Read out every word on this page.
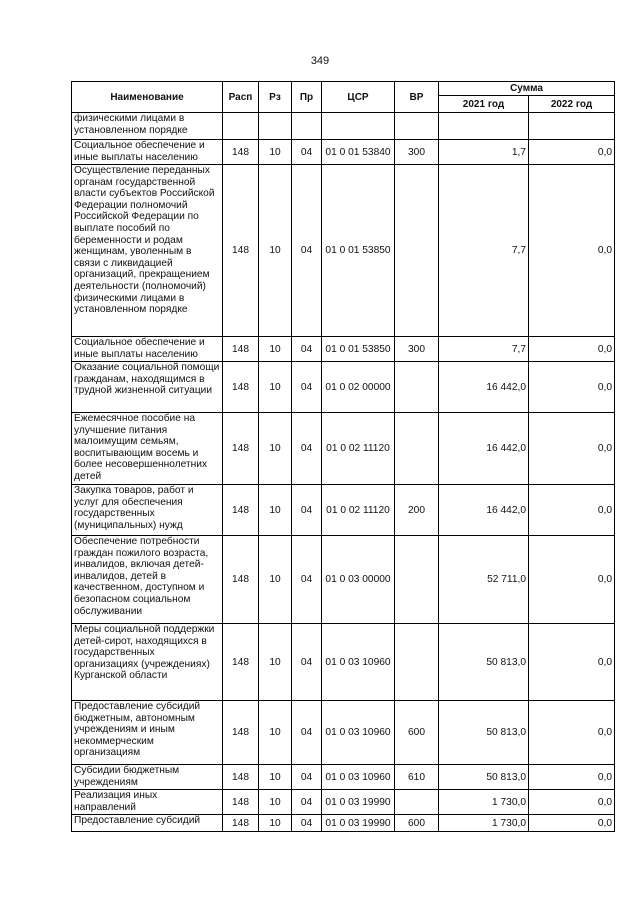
349
Наименование	Расп	Рз	Пр	ЦСР	ВР	Сумма	
						2021 год	2022 год
физическими лицами в установленном порядке							
Социальное обеспечение и иные выплаты населению	148	10	04	01 0 01 53840	300	1,7	0,0
Осуществление переданных органам государственной власти субъектов Российской Федерации полномочий Российской Федерации по выплате пособий по беременности и родам женщинам, уволенным в связи с ликвидацией организаций, прекращением деятельности (полномочий) физическими лицами в установленном порядке	148	10	04	01 0 01 53850		7,7	0,0
Социальное обеспечение и иные выплаты населению	148	10	04	01 0 01 53850	300	7,7	0,0
Оказание социальной помощи гражданам, находящимся в трудной жизненной ситуации	148	10	04	01 0 02 00000		16 442,0	0,0
Ежемесячное пособие на улучшение питания малоимущим семьям, воспитывающим восемь и более несовершеннолетних детей	148	10	04	01 0 02 11120		16 442,0	0,0
Закупка товаров, работ и услуг для обеспечения государственных (муниципальных) нужд	148	10	04	01 0 02 11120	200	16 442,0	0,0
Обеспечение потребности граждан пожилого возраста, инвалидов, включая детей-инвалидов, детей в качественном, доступном и безопасном социальном обслуживании	148	10	04	01 0 03 00000		52 711,0	0,0
Меры социальной поддержки детей-сирот, находящихся в государственных организациях (учреждениях) Курганской области	148	10	04	01 0 03 10960		50 813,0	0,0
Предоставление субсидий бюджетным, автономным учреждениям и иным некоммерческим организациям	148	10	04	01 0 03 10960	600	50 813,0	0,0
Субсидии бюджетным учреждениям	148	10	04	01 0 03 10960	610	50 813,0	0,0
Реализация иных направлений	148	10	04	01 0 03 19990		1 730,0	0,0
Предоставление субсидий	148	10	04	01 0 03 19990	600	1 730,0	0,0
